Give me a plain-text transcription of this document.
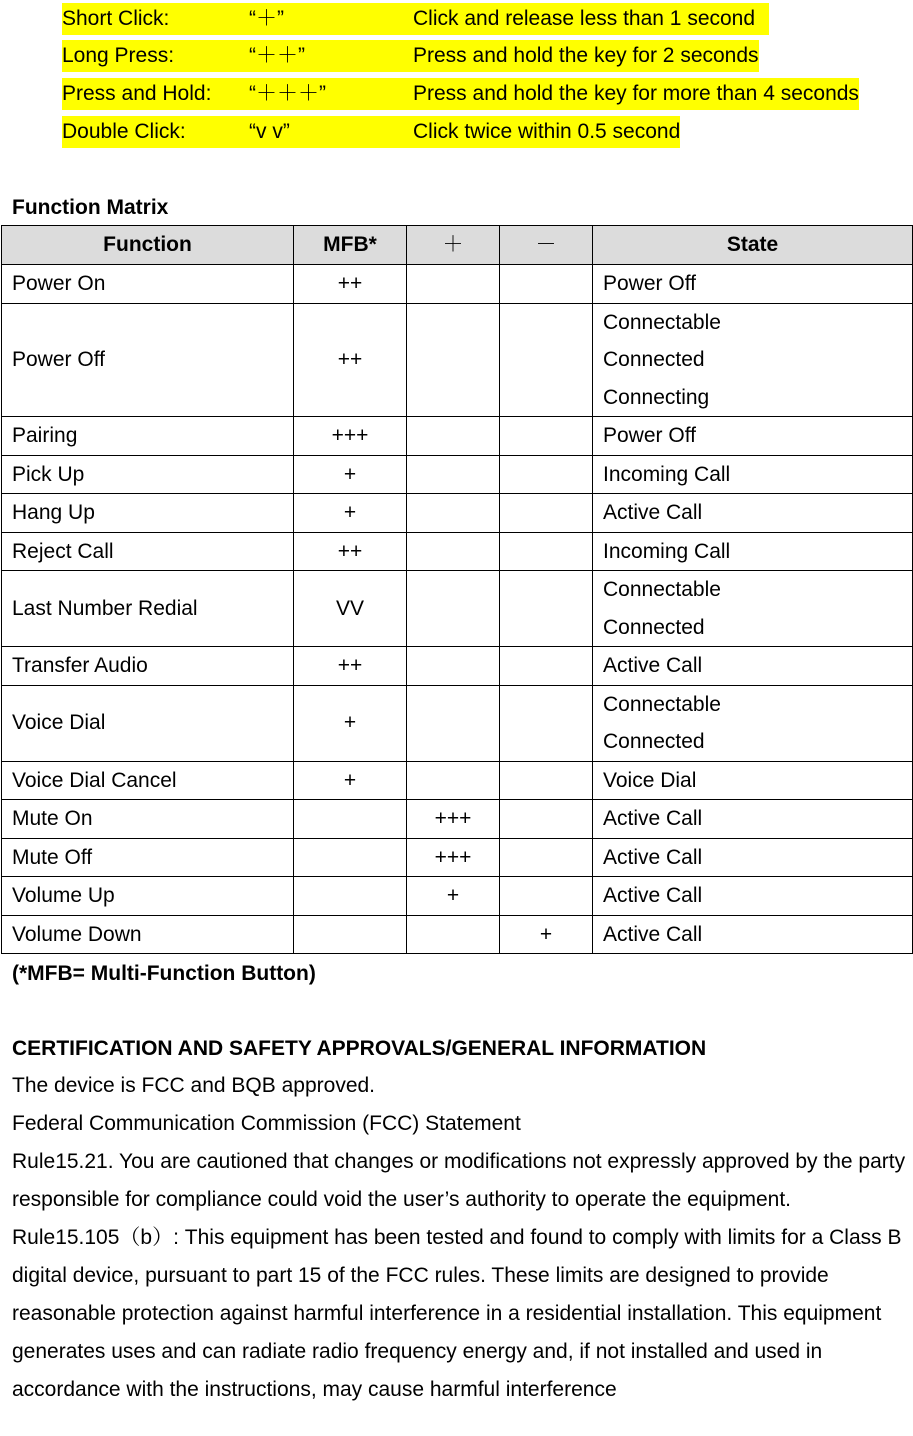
Short Click:	“＋”	Click and release less than 1 second
Long Press:	“＋＋”	Press and hold the key for 2 seconds
Press and Hold: “＋＋＋”	Press and hold the key for more than 4 seconds
Double Click:	“v v”	Click twice within 0.5 second
Function Matrix
Function	MFB*	＋	－	State
Power On	++			Power Off

Power Off	++			Connectable
Connected
Connecting

Pairing	+++			Power Off

Pick Up	+			Incoming Call

Hang Up	+			Active Call

Reject Call	++			Incoming Call

Last Number Redial	VV			Connectable
Connected

Transfer Audio	++			Active Call

Voice Dial	+			Connectable
Connected

Voice Dial Cancel	+			Voice Dial

Mute On		+++		Active Call

Mute Off		+++		Active Call

Volume Up		+		Active Call

Volume Down			+	Active Call
(*MFB= Multi-Function Button)
CERTIFICATION AND SAFETY APPROVALS/GENERAL INFORMATION

The device is FCC and BQB approved.

Federal Communication Commission (FCC) Statement

Rule15.21. You are cautioned that changes or modifications not expressly approved by the party responsible for compliance could void the user’s authority to operate the equipment.

Rule15.105（b）: This equipment has been tested and found to comply with limits for a Class B digital device, pursuant to part 15 of the FCC rules. These limits are designed to provide reasonable protection against harmful interference in a residential installation. This equipment generates uses and can radiate radio frequency energy and, if not installed and used in accordance with the instructions, may cause harmful interference
